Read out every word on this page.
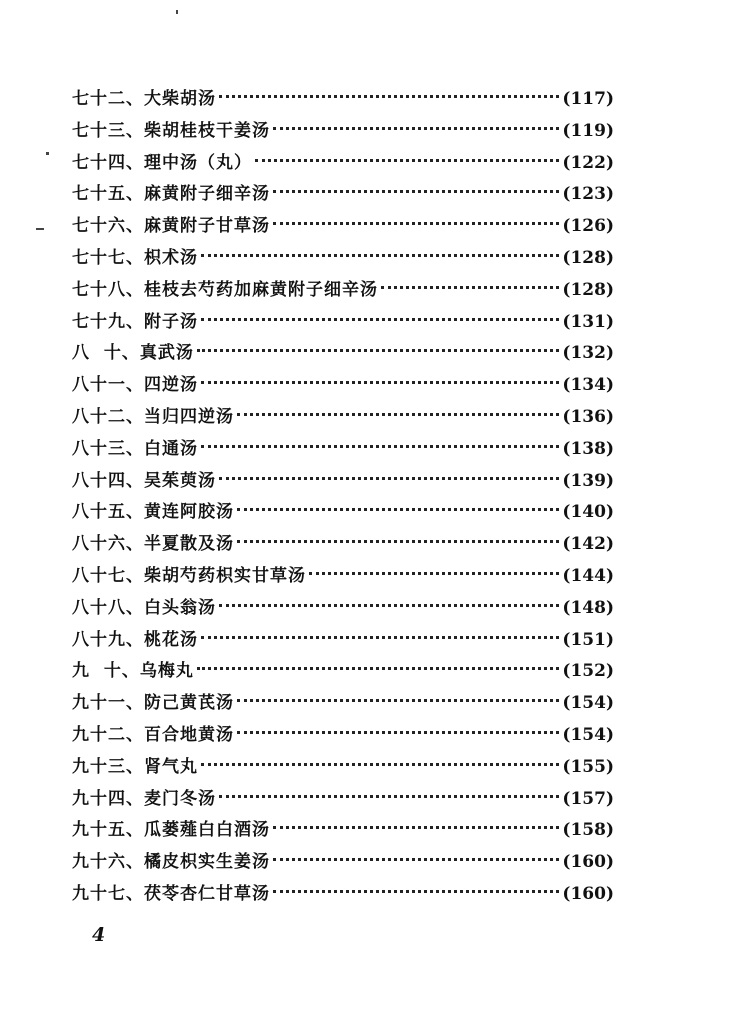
七十二、 大柴胡汤	(117)
七十三、 柴胡桂枝干姜汤	(119)
七十四、 理中汤（丸）	(122)
七十五、 麻黄附子细辛汤	(123)
七十六、 麻黄附子甘草汤	(126)
七十七、 枳术汤	(128)
七十八、 桂枝去芍药加麻黄附子细辛汤	(128)
七十九、 附子汤	(131)
八  十、 真武汤	(132)
八十一、 四逆汤	(134)
八十二、 当归四逆汤	(136)
八十三、 白通汤	(138)
八十四、 吴茱萸汤	(139)
八十五、 黄连阿胶汤	(140)
八十六、 半夏散及汤	(142)
八十七、 柴胡芍药枳实甘草汤	(144)
八十八、 白头翁汤	(148)
八十九、 桃花汤	(151)
九  十、 乌梅丸	(152)
九十一、 防己黄芪汤	(154)
九十二、 百合地黄汤	(154)
九十三、 肾气丸	(155)
九十四、 麦门冬汤	(157)
九十五、 瓜蒌薤白白酒汤	(158)
九十六、 橘皮枳实生姜汤	(160)
九十七、 茯苓杏仁甘草汤	(160)
4
